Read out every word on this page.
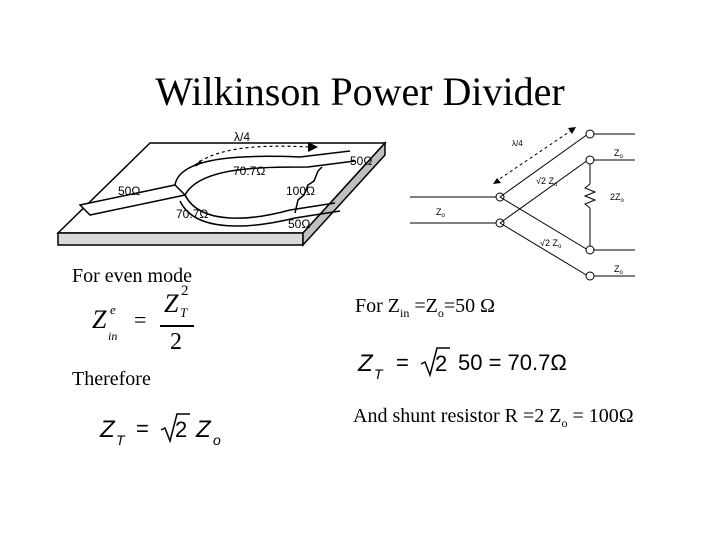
Wilkinson Power Divider
λ/4
50Ω
70.7Ω
100Ω
50Ω
70.7Ω
50Ω
λ/4
$Z_o$
$Z_o$
$Z_o$
√2 $Z_o$
√2 $Z_o$
$2Z_o$
For even mode
Therefore
Z e
in
=
Z T
2
2
Z T = 2 Z o
For $Z_{in} =Z_o=50$ Ω
Z T = 2 50 = 70.7Ω
And shunt resistor R =2 $Z_o = 100\Omega$
